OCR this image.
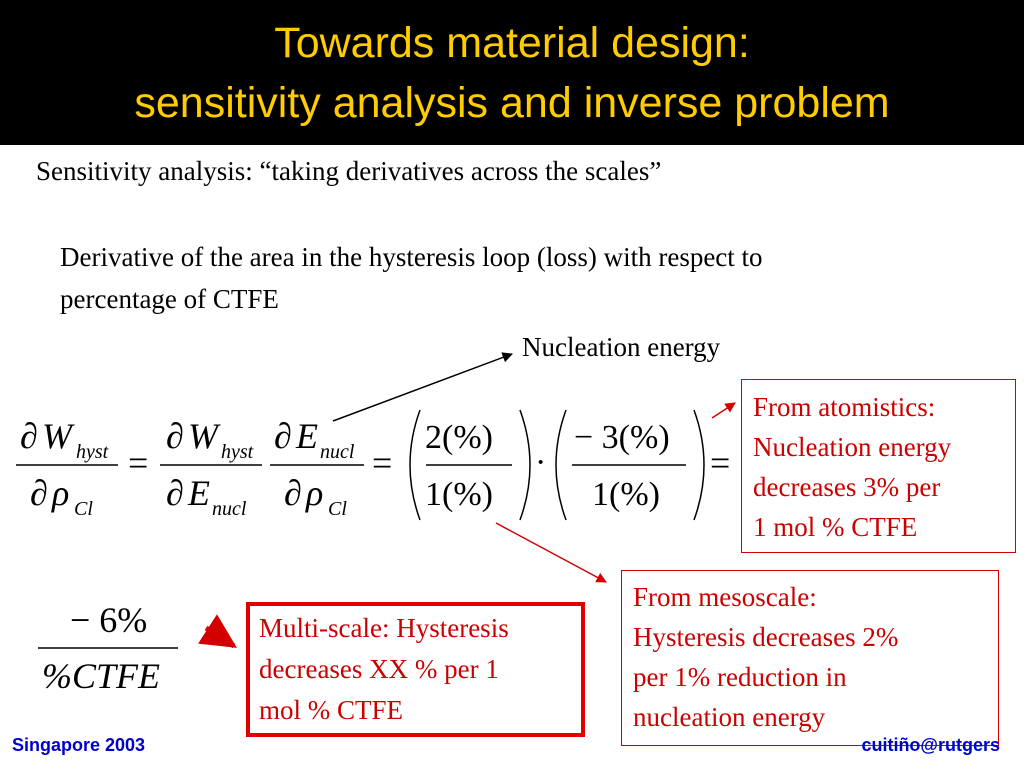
Towards material design:
sensitivity analysis and inverse problem
Sensitivity analysis: “taking derivatives across the scales”
Derivative of the area in the hysteresis loop (loss) with respect to
percentage of CTFE
Nucleation energy
∂ W hyst
∂ ρ Cl
=
∂ W hyst
∂ E nucl
∂ E nucl
∂ ρ Cl
=
2(%)
1(%)
·
− 3(%)
1(%)
=
− 6%
%CTFE
From atomistics:
Nucleation energy
decreases 3% per
1 mol % CTFE
From mesoscale:
Hysteresis decreases 2%
per 1% reduction in
nucleation energy
Multi-scale: Hysteresis
decreases XX % per 1
mol % CTFE
Singapore 2003	cuitiño@rutgers
